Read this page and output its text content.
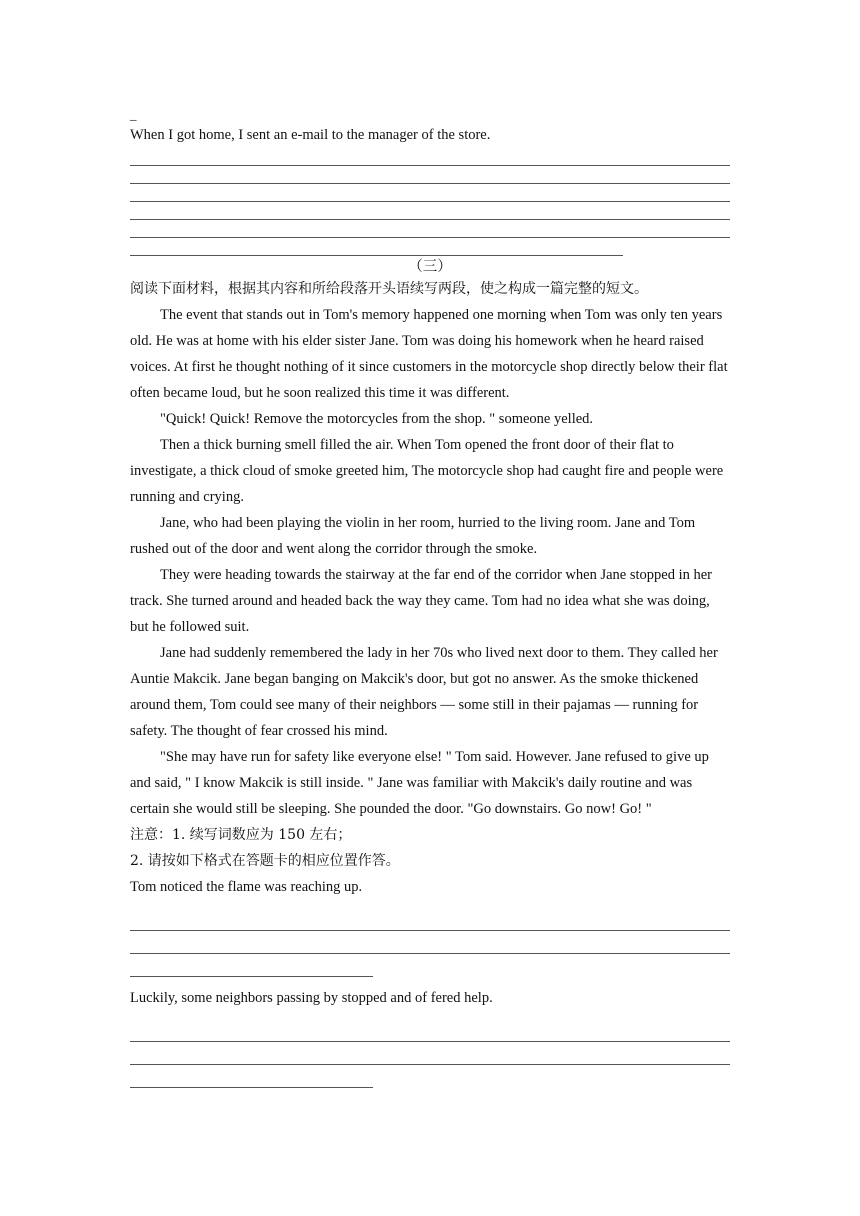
_
When I got home, I sent an e-mail to the manager of the store.
（三）
阅读下面材料，根据其内容和所给段落开头语续写两段，使之构成一篇完整的短文。
The event that stands out in Tom's memory happened one morning when Tom was only ten years old. He was at home with his elder sister Jane. Tom was doing his homework when he heard raised voices. At first he thought nothing of it since customers in the motorcycle shop directly below their flat often became loud, but he soon realized this time it was different.
"Quick! Quick! Remove the motorcycles from the shop. " someone yelled.
Then a thick burning smell filled the air. When Tom opened the front door of their flat to investigate, a thick cloud of smoke greeted him, The motorcycle shop had caught fire and people were running and crying.
Jane, who had been playing the violin in her room, hurried to the living room. Jane and Tom rushed out of the door and went along the corridor through the smoke.
They were heading towards the stairway at the far end of the corridor when Jane stopped in her track. She turned around and headed back the way they came. Tom had no idea what she was doing, but he followed suit.
Jane had suddenly remembered the lady in her 70s who lived next door to them. They called her Auntie Makcik. Jane began banging on Makcik's door, but got no answer. As the smoke thickened around them, Tom could see many of their neighbors — some still in their pajamas — running for safety. The thought of fear crossed his mind.
"She may have run for safety like everyone else! " Tom said. However. Jane refused to give up and said, " I know Makcik is still inside. " Jane was familiar with Makcik's daily routine and was certain she would still be sleeping. She pounded the door. "Go downstairs. Go now! Go! "
注意：1. 续写词数应为 150 左右；
2. 请按如下格式在答题卡的相应位置作答。
Tom noticed the flame was reaching up.
Luckily, some neighbors passing by stopped and of fered help.
